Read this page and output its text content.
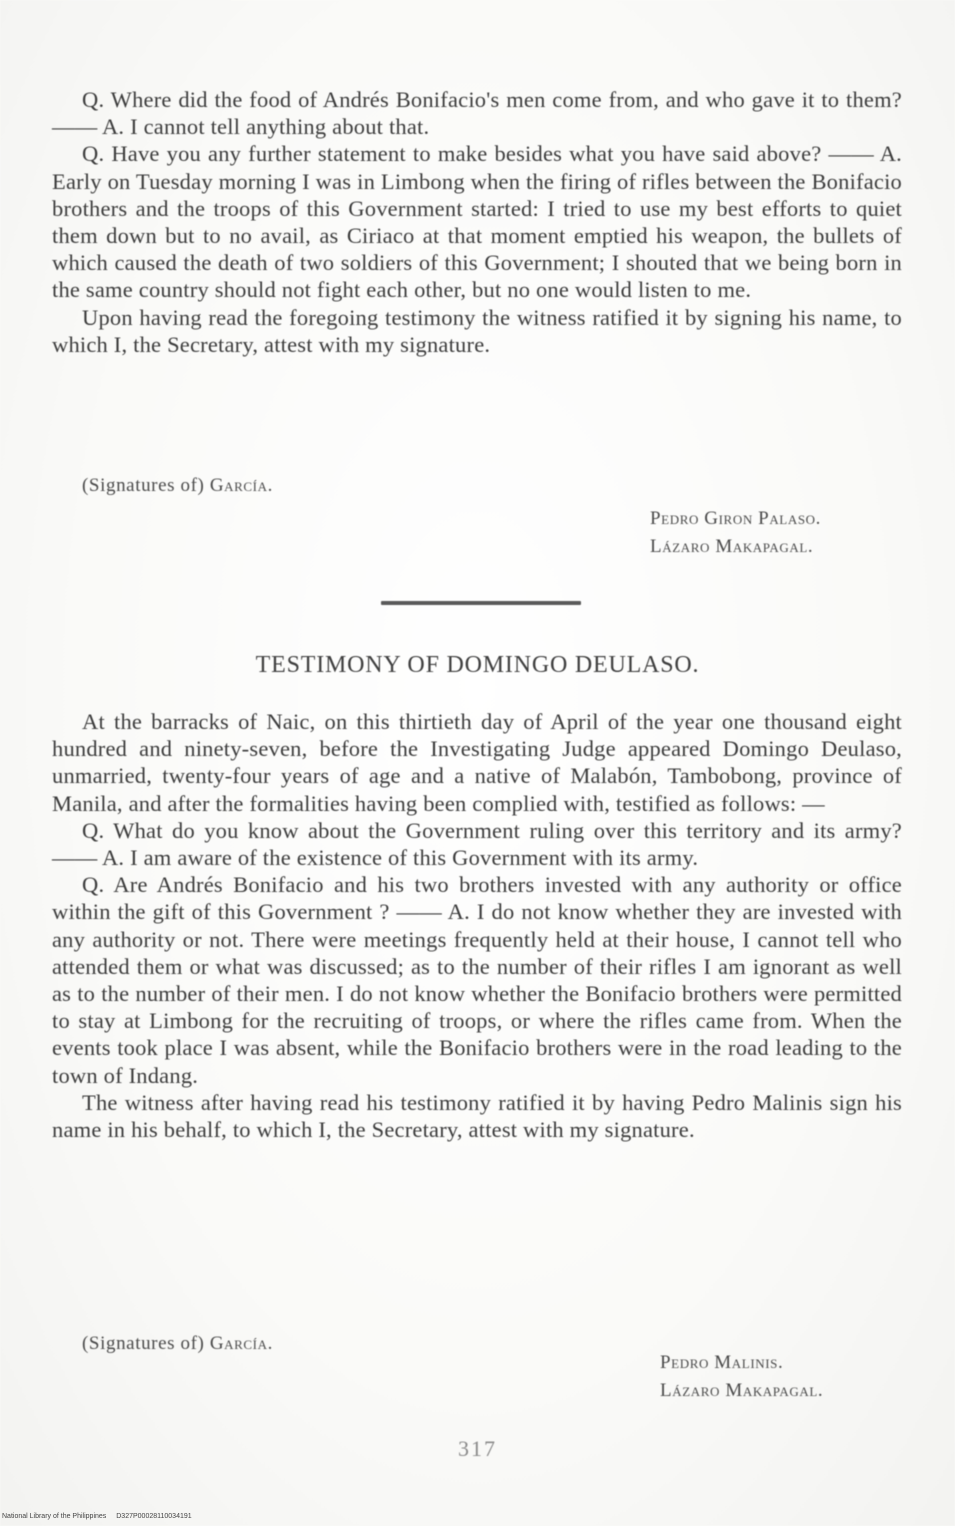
Q. Where did the food of Andrés Bonifacio's men come from, and who gave it to them? —— A. I cannot tell anything about that.

Q. Have you any further statement to make besides what you have said above? —— A. Early on Tuesday morning I was in Limbong when the firing of rifles between the Bonifacio brothers and the troops of this Government started: I tried to use my best efforts to quiet them down but to no avail, as Ciriaco at that moment emptied his weapon, the bullets of which caused the death of two soldiers of this Government; I shouted that we being born in the same country should not fight each other, but no one would listen to me.

Upon having read the foregoing testimony the witness ratified it by signing his name, to which I, the Secretary, attest with my signature.

(Signatures of) García.
Pedro Giron Palaso.
Lázaro Makapagal.
TESTIMONY OF DOMINGO DEULASO.

At the barracks of Naic, on this thirtieth day of April of the year one thousand eight hundred and ninety-seven, before the Investigating Judge appeared Domingo Deulaso, unmarried, twenty-four years of age and a native of Malabón, Tambobong, province of Manila, and after the formalities having been complied with, testified as follows: —

Q. What do you know about the Government ruling over this territory and its army? —— A. I am aware of the existence of this Government with its army.

Q. Are Andrés Bonifacio and his two brothers invested with any authority or office within the gift of this Government ? —— A. I do not know whether they are invested with any authority or not. There were meetings frequently held at their house, I cannot tell who attended them or what was discussed; as to the number of their rifles I am ignorant as well as to the number of their men. I do not know whether the Bonifacio brothers were permitted to stay at Limbong for the recruiting of troops, or where the rifles came from. When the events took place I was absent, while the Bonifacio brothers were in the road leading to the town of Indang.

The witness after having read his testimony ratified it by having Pedro Malinis sign his name in his behalf, to which I, the Secretary, attest with my signature.

(Signatures of) García.
Pedro Malinis.
Lázaro Makapagal.
317
National Library of the Philippines D327P00028110034191
